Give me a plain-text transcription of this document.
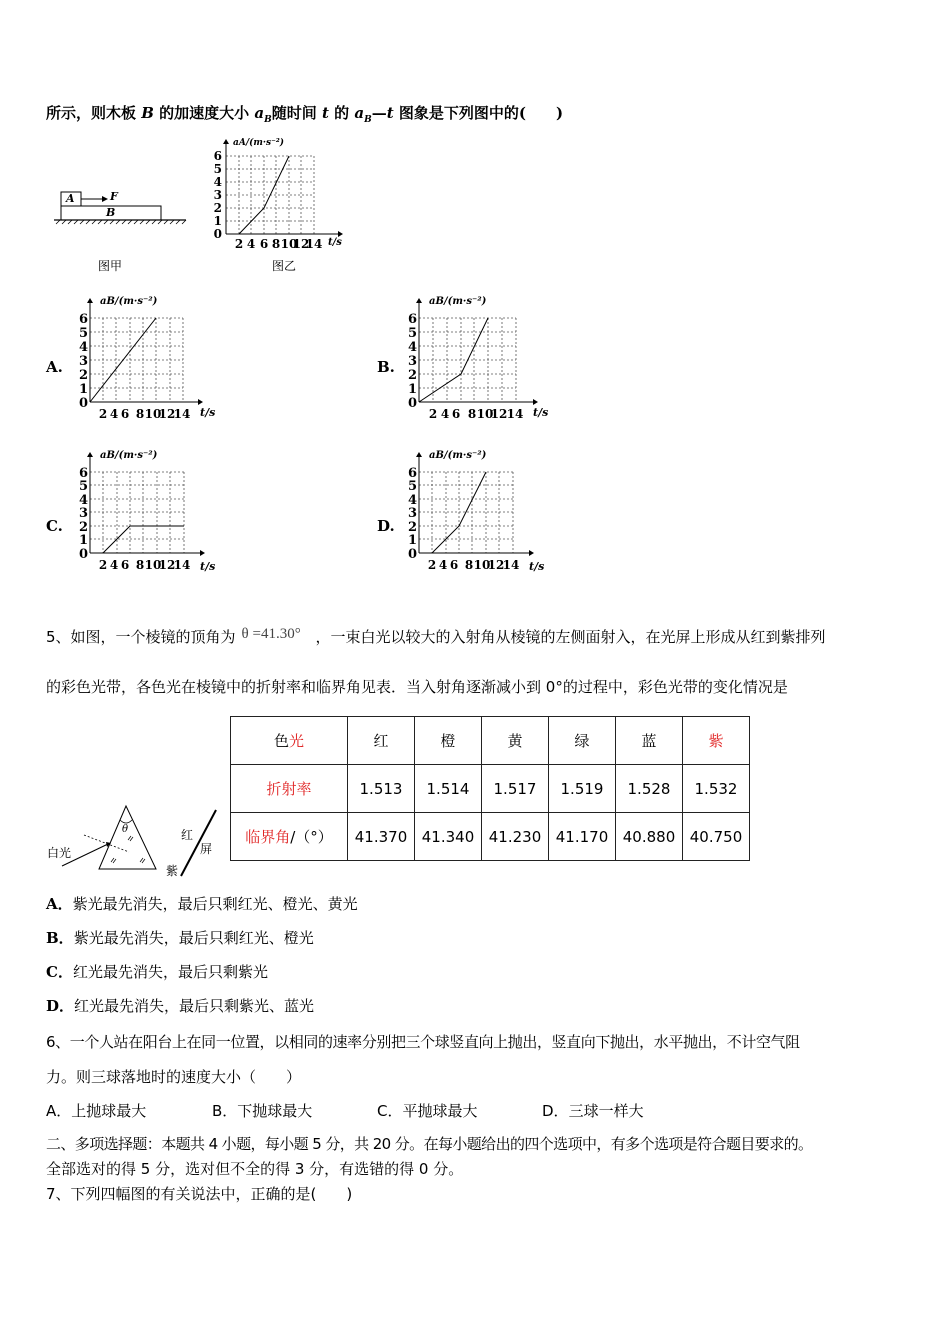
所示，则木板 B 的加速度大小 $a_B$随时间 t 的 $a_B—t$ 图象是下列图中的(　　)
A
B
F
图甲
0
1
2
3
4
5
6
2 4 6 8 10
12
14
aA/(m·s⁻²)
t/s
图乙
A.
0
1
2
3
4
5
6
2 4 6 8 10
12
14
aB/(m·s⁻²)
t/s
B.
0
1
2
3
4
5
6
2 4 6 8 10
12 14
aB/(m·s⁻²)
t/s
C.
0
1
2
3
4
5
6
2 4 6 8 10
12
14
aB/(m·s⁻²)
t/s
D.
0
1
2
3
4
5
6
2 4 6 8 10
12
14
aB/(m·s⁻²)
t/s
5、如图，一个棱镜的顶角为 θ =41.30° ，一束白光以较大的入射角从棱镜的左侧面射入，在光屏上形成从红到紫排列
的彩色光带，各色光在棱镜中的折射率和临界角见表．当入射角逐渐减小到 0°的过程中，彩色光带的变化情况是
白光
θ	红
屏
紫
色光	红	橙	黄	绿	蓝	紫
折射率	1.513	1.514	1.517	1.519	1.528	1.532
临界角/（°）	41.370	41.340	41.230	41.170	40.880	40.750
A．紫光最先消失，最后只剩红光、橙光、黄光
B．紫光最先消失，最后只剩红光、橙光
C．红光最先消失，最后只剩紫光
D．红光最先消失，最后只剩紫光、蓝光
6、一个人站在阳台上在同一位置，以相同的速率分别把三个球竖直向上抛出，竖直向下抛出，水平抛出，不计空气阻
力。则三球落地时的速度大小（　　）
A．上抛球最大	B．下抛球最大	C．平抛球最大	D．三球一样大
二、多项选择题：本题共 4 小题，每小题 5 分，共 20 分。在每小题给出的四个选项中，有多个选项是符合题目要求的。
全部选对的得 5 分，选对但不全的得 3 分，有选错的得 0 分。
7、下列四幅图的有关说法中，正确的是(　　)
